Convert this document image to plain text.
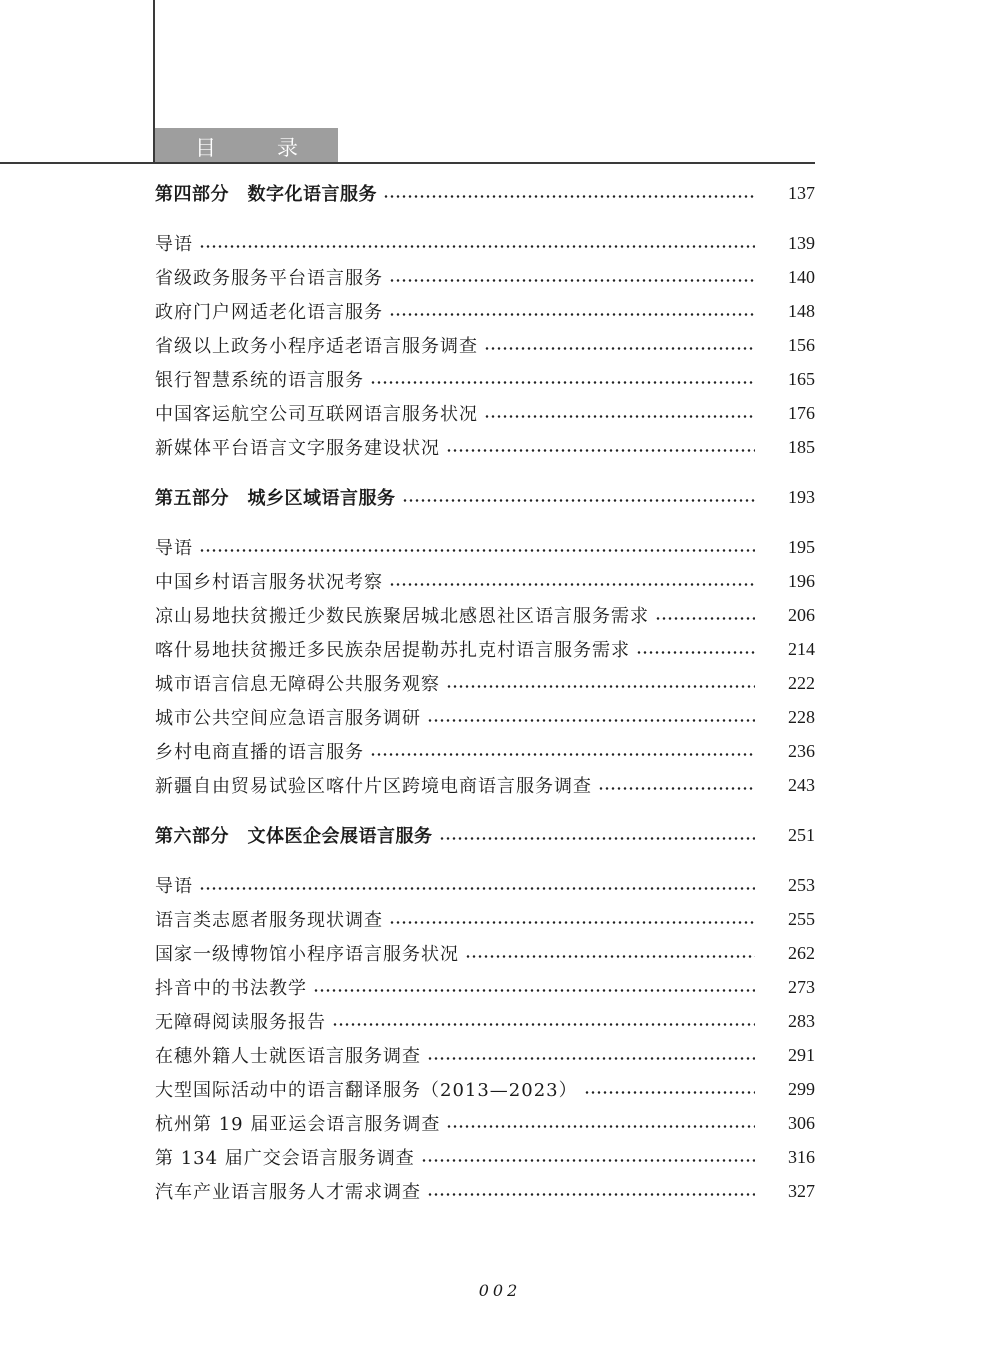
目	录
第四部分　数字化语言服务	137
导语	139
省级政务服务平台语言服务	140
政府门户网适老化语言服务	148
省级以上政务小程序适老语言服务调查	156
银行智慧系统的语言服务	165
中国客运航空公司互联网语言服务状况	176
新媒体平台语言文字服务建设状况	185
第五部分　城乡区域语言服务	193
导语	195
中国乡村语言服务状况考察	196
凉山易地扶贫搬迁少数民族聚居城北感恩社区语言服务需求	206
喀什易地扶贫搬迁多民族杂居提勒苏扎克村语言服务需求	214
城市语言信息无障碍公共服务观察	222
城市公共空间应急语言服务调研	228
乡村电商直播的语言服务	236
新疆自由贸易试验区喀什片区跨境电商语言服务调查	243
第六部分　文体医企会展语言服务	251
导语	253
语言类志愿者服务现状调查	255
国家一级博物馆小程序语言服务状况	262
抖音中的书法教学	273
无障碍阅读服务报告	283
在穗外籍人士就医语言服务调查	291
大型国际活动中的语言翻译服务（2013—2023）	299
杭州第 19 届亚运会语言服务调查	306
第 134 届广交会语言服务调查	316
汽车产业语言服务人才需求调查	327
002
